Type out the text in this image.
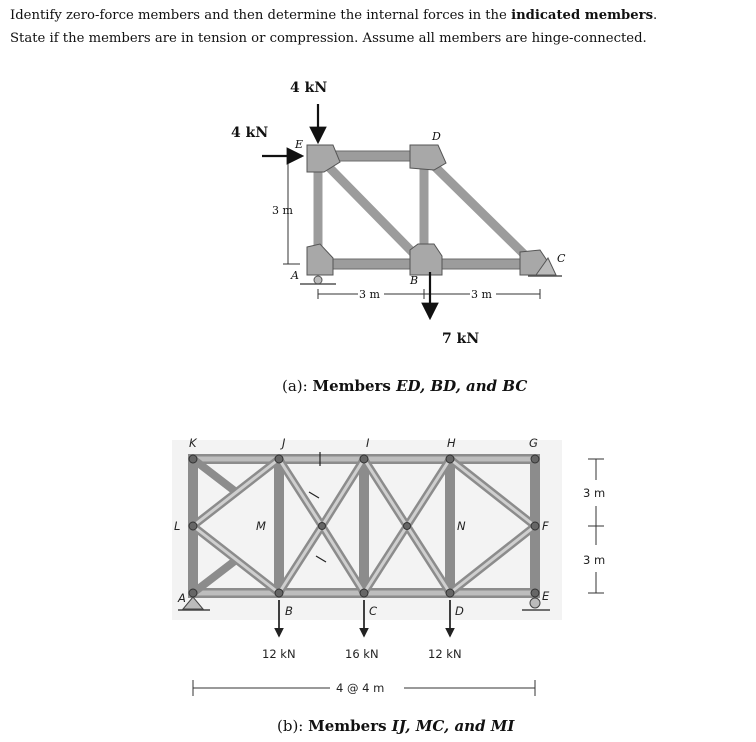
Identify zero-force members and then determine the internal forces in the indicated members.
State if the members are in tension or compression. Assume all members are hinge-connected.
4 kN
4 kN
7 kN
3 m
3 m	3 m
E
D
A	B
C
12 kN	16 kN	12 kN
4 @ 4 m
3 m
3 m
K	J	I	H	G
L	M	N	F
A
B	C	D
E
(a): Members ED, BD, and BC
(b): Members IJ, MC, and MI
